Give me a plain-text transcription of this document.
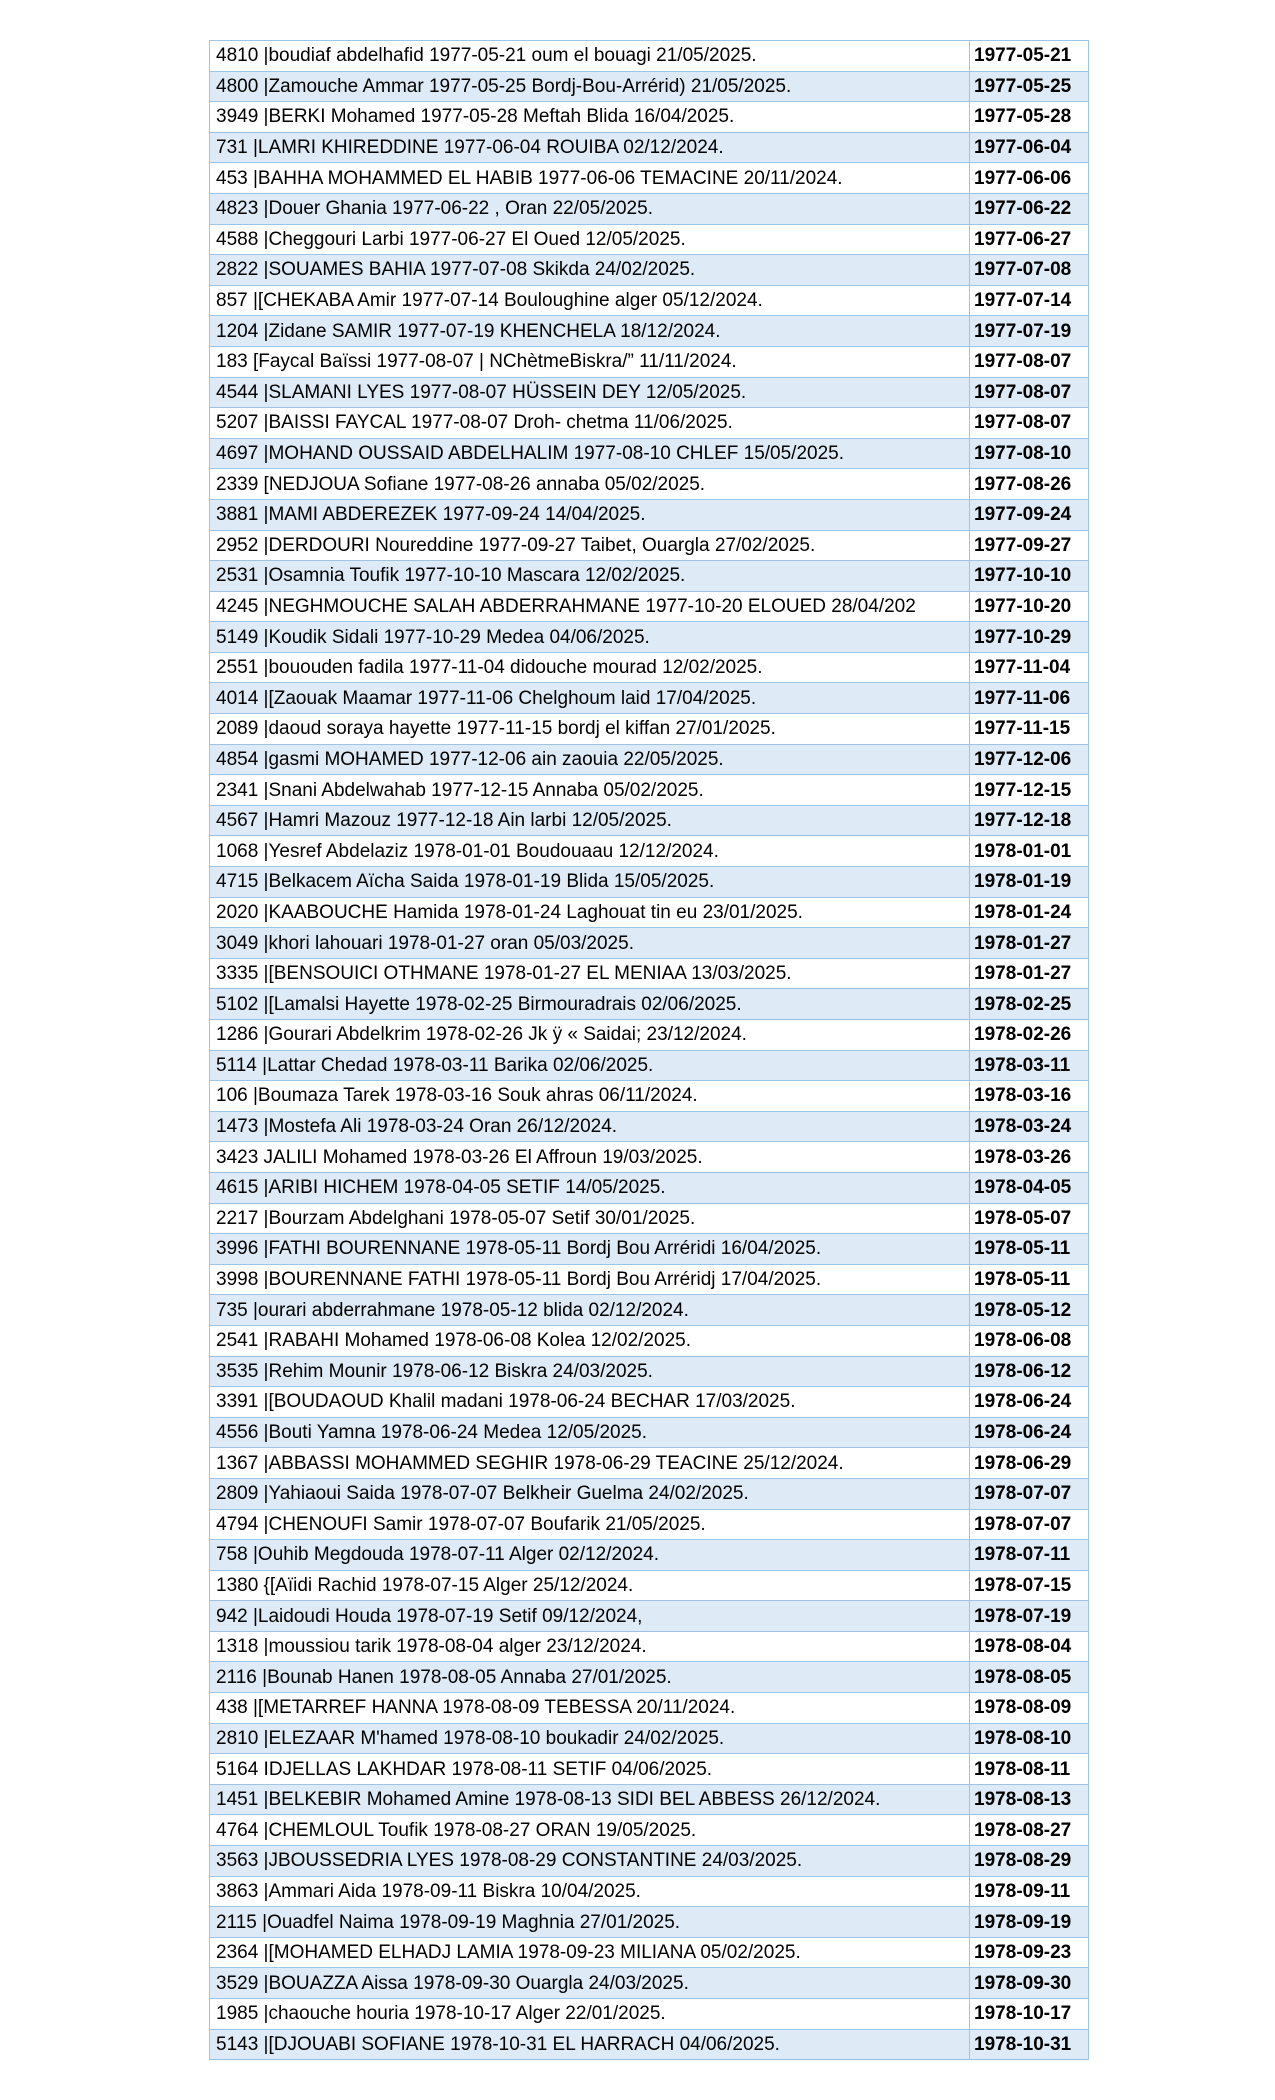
4810 |boudiaf abdelhafid 1977-05-21 oum el bouagi 21/05/2025.	1977-05-21
4800 |Zamouche Ammar 1977-05-25 Bordj-Bou-Arrérid) 21/05/2025.	1977-05-25
3949 |BERKI Mohamed 1977-05-28 Meftah Blida 16/04/2025.	1977-05-28
731 |LAMRI KHIREDDINE 1977-06-04 ROUIBA 02/12/2024.	1977-06-04
453 |BAHHA MOHAMMED EL HABIB 1977-06-06 TEMACINE 20/11/2024.	1977-06-06
4823 |Douer Ghania 1977-06-22 , Oran 22/05/2025.	1977-06-22
4588 |Cheggouri Larbi 1977-06-27 El Oued 12/05/2025.	1977-06-27
2822 |SOUAMES BAHIA 1977-07-08 Skikda 24/02/2025.	1977-07-08
857 |[CHEKABA Amir 1977-07-14 Bouloughine alger 05/12/2024.	1977-07-14
1204 |Zidane SAMIR 1977-07-19 KHENCHELA 18/12/2024.	1977-07-19
183 [Faycal Baïssi 1977-08-07 | NChètmeBiskra/” 11/11/2024.	1977-08-07
4544 |SLAMANI LYES 1977-08-07 HÜSSEIN DEY 12/05/2025.	1977-08-07
5207 |BAISSI FAYCAL 1977-08-07 Droh- chetma 11/06/2025.	1977-08-07
4697 |MOHAND OUSSAID ABDELHALIM 1977-08-10 CHLEF 15/05/2025.	1977-08-10
2339 [NEDJOUA Sofiane 1977-08-26 annaba 05/02/2025.	1977-08-26
3881 |MAMI ABDEREZEK 1977-09-24 14/04/2025.	1977-09-24
2952 |DERDOURI Noureddine 1977-09-27 Taibet, Ouargla 27/02/2025.	1977-09-27
2531 |Osamnia Toufik 1977-10-10 Mascara 12/02/2025.	1977-10-10
4245 |NEGHMOUCHE SALAH ABDERRAHMANE 1977-10-20 ELOUED 28/04/202	1977-10-20
5149 |Koudik Sidali 1977-10-29 Medea 04/06/2025.	1977-10-29
2551 |bououden fadila 1977-11-04 didouche mourad 12/02/2025.	1977-11-04
4014 |[Zaouak Maamar 1977-11-06 Chelghoum laid 17/04/2025.	1977-11-06
2089 |daoud soraya hayette 1977-11-15 bordj el kiffan 27/01/2025.	1977-11-15
4854 |gasmi MOHAMED 1977-12-06 ain zaouia 22/05/2025.	1977-12-06
2341 |Snani Abdelwahab 1977-12-15 Annaba 05/02/2025.	1977-12-15
4567 |Hamri Mazouz 1977-12-18 Ain larbi 12/05/2025.	1977-12-18
1068 |Yesref Abdelaziz 1978-01-01 Boudouaau 12/12/2024.	1978-01-01
4715 |Belkacem Aïcha Saida 1978-01-19 Blida 15/05/2025.	1978-01-19
2020 |KAABOUCHE Hamida 1978-01-24 Laghouat tin eu 23/01/2025.	1978-01-24
3049 |khori lahouari 1978-01-27 oran 05/03/2025.	1978-01-27
3335 |[BENSOUICI OTHMANE 1978-01-27 EL MENIAA 13/03/2025.	1978-01-27
5102 |[Lamalsi Hayette 1978-02-25 Birmouradrais 02/06/2025.	1978-02-25
1286 |Gourari Abdelkrim 1978-02-26 Jk ÿ « Saidai; 23/12/2024.	1978-02-26
5114 |Lattar Chedad 1978-03-11 Barika 02/06/2025.	1978-03-11
106 |Boumaza Tarek 1978-03-16 Souk ahras 06/11/2024.	1978-03-16
1473 |Mostefa Ali 1978-03-24 Oran 26/12/2024.	1978-03-24
3423 JALILI Mohamed 1978-03-26 El Affroun 19/03/2025.	1978-03-26
4615 |ARIBI HICHEM 1978-04-05 SETIF 14/05/2025.	1978-04-05
2217 |Bourzam Abdelghani 1978-05-07 Setif 30/01/2025.	1978-05-07
3996 |FATHI BOURENNANE 1978-05-11 Bordj Bou Arréridi 16/04/2025.	1978-05-11
3998 |BOURENNANE FATHI 1978-05-11 Bordj Bou Arréridj 17/04/2025.	1978-05-11
735 |ourari abderrahmane 1978-05-12 blida 02/12/2024.	1978-05-12
2541 |RABAHI Mohamed 1978-06-08 Kolea 12/02/2025.	1978-06-08
3535 |Rehim Mounir 1978-06-12 Biskra 24/03/2025.	1978-06-12
3391 |[BOUDAOUD Khalil madani 1978-06-24 BECHAR 17/03/2025.	1978-06-24
4556 |Bouti Yamna 1978-06-24 Medea 12/05/2025.	1978-06-24
1367 |ABBASSI MOHAMMED SEGHIR 1978-06-29 TEACINE 25/12/2024.	1978-06-29
2809 |Yahiaoui Saida 1978-07-07 Belkheir Guelma 24/02/2025.	1978-07-07
4794 |CHENOUFI Samir 1978-07-07 Boufarik 21/05/2025.	1978-07-07
758 |Ouhib Megdouda 1978-07-11 Alger 02/12/2024.	1978-07-11
1380 {[Aïidi Rachid 1978-07-15 Alger 25/12/2024.	1978-07-15
942 |Laidoudi Houda 1978-07-19 Setif 09/12/2024,	1978-07-19
1318 |moussiou tarik 1978-08-04 alger 23/12/2024.	1978-08-04
2116 |Bounab Hanen 1978-08-05 Annaba 27/01/2025.	1978-08-05
438 |[METARREF HANNA 1978-08-09 TEBESSA 20/11/2024.	1978-08-09
2810 |ELEZAAR M'hamed 1978-08-10 boukadir 24/02/2025.	1978-08-10
5164 IDJELLAS LAKHDAR 1978-08-11 SETIF 04/06/2025.	1978-08-11
1451 |BELKEBIR Mohamed Amine 1978-08-13 SIDI BEL ABBESS 26/12/2024.	1978-08-13
4764 |CHEMLOUL Toufik 1978-08-27 ORAN 19/05/2025.	1978-08-27
3563 |JBOUSSEDRIA LYES 1978-08-29 CONSTANTINE 24/03/2025.	1978-08-29
3863 |Ammari Aida 1978-09-11 Biskra 10/04/2025.	1978-09-11
2115 |Ouadfel Naima 1978-09-19 Maghnia 27/01/2025.	1978-09-19
2364 |[MOHAMED ELHADJ LAMIA 1978-09-23 MILIANA 05/02/2025.	1978-09-23
3529 |BOUAZZA Aissa 1978-09-30 Ouargla 24/03/2025.	1978-09-30
1985 |chaouche houria 1978-10-17 Alger 22/01/2025.	1978-10-17
5143 |[DJOUABI SOFIANE 1978-10-31 EL HARRACH 04/06/2025.	1978-10-31
